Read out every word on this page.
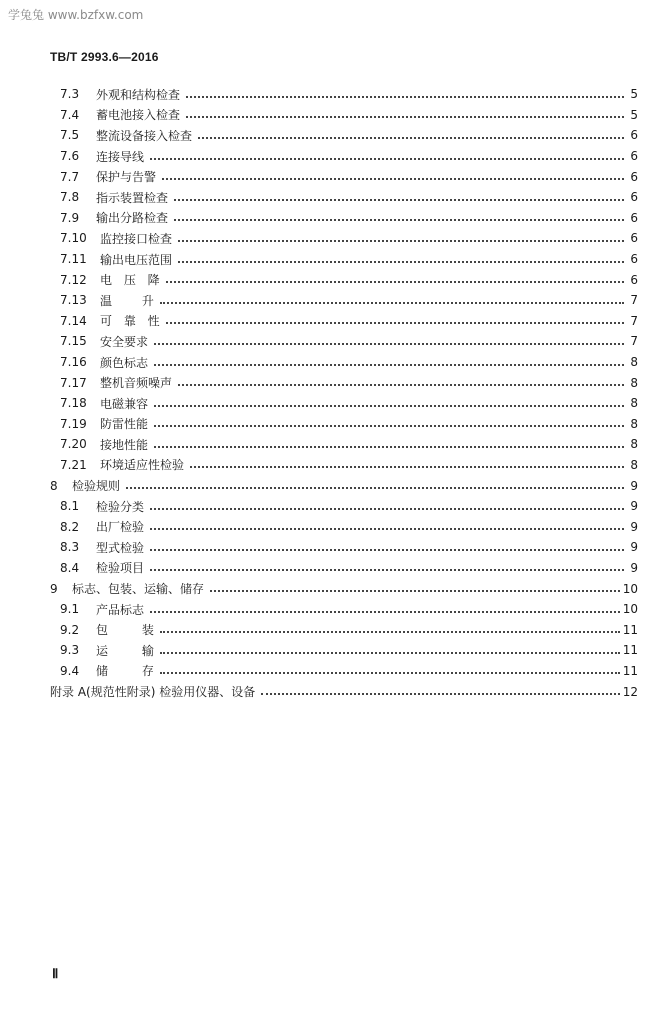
学兔兔 www.bzfxw.com
TB/T 2993.6—2016
7.3	外观和结构检查	5
7.4	蓄电池接入检查	5
7.5	整流设备接入检查	6
7.6	连接导线	6
7.7	保护与告警	6
7.8	指示装置检查	6
7.9	输出分路检查	6
7.10	监控接口检查	6
7.11	输出电压范围	6
7.12	电 压 降	6
7.13	温 升	7
7.14	可 靠 性	7
7.15	安全要求	7
7.16	颜色标志	8
7.17	整机音频噪声	8
7.18	电磁兼容	8
7.19	防雷性能	8
7.20	接地性能	8
7.21	环境适应性检验	8
8	检验规则	9
8.1	检验分类	9
8.2	出厂检验	9
8.3	型式检验	9
8.4	检验项目	9
9	标志、包装、运输、储存	10
9.1	产品标志	10
9.2	包 装	11
9.3	运 输	11
9.4	储 存	11
附录 A(规范性附录) 检验用仪器、设备	12
Ⅱ
